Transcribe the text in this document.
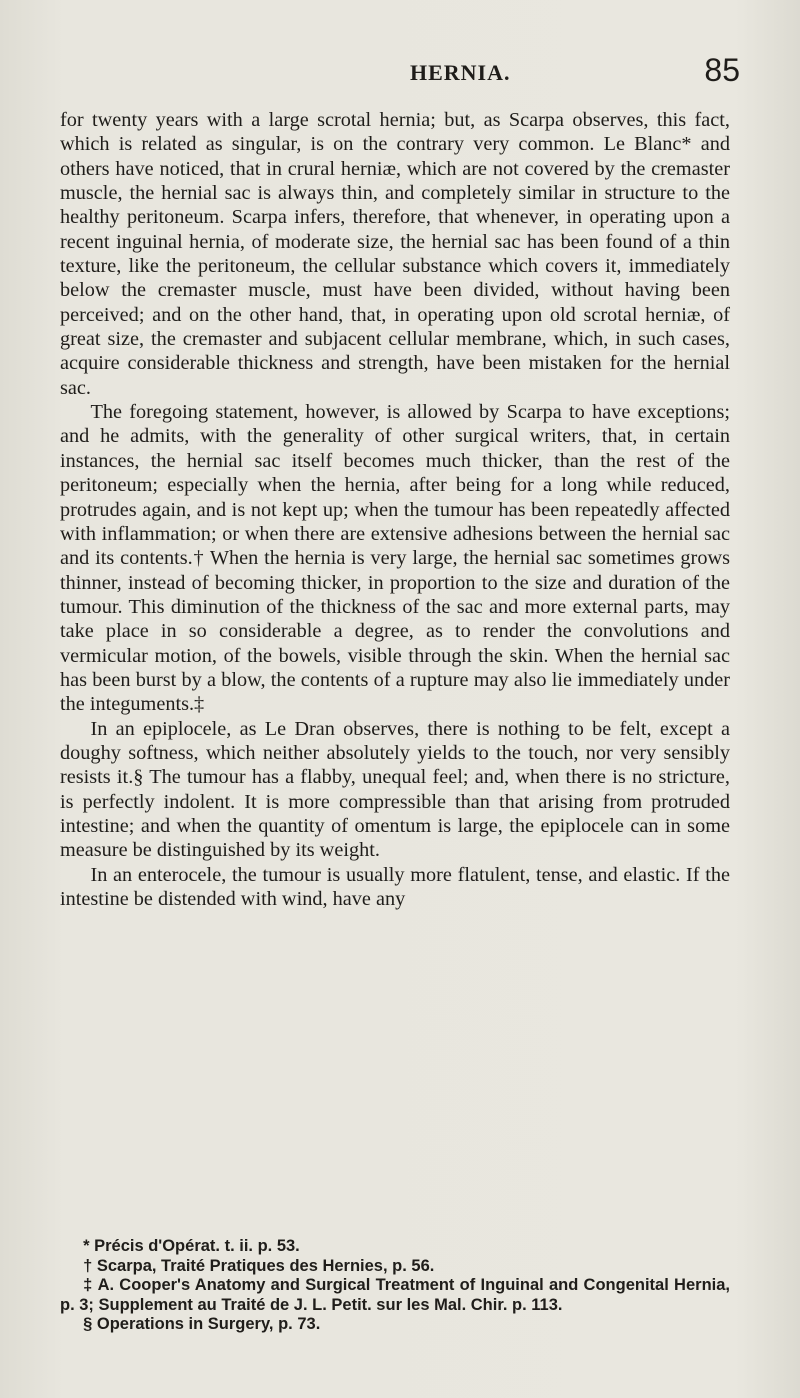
HERNIA.	85

for twenty years with a large scrotal hernia; but, as Scarpa observes, this fact, which is related as singular, is on the contrary very common. Le Blanc* and others have noticed, that in crural herniæ, which are not covered by the cremaster muscle, the hernial sac is always thin, and completely similar in structure to the healthy peritoneum. Scarpa infers, therefore, that whenever, in operating upon a recent inguinal hernia, of moderate size, the hernial sac has been found of a thin texture, like the peritoneum, the cellular substance which covers it, immediately below the cremaster muscle, must have been divided, without having been perceived; and on the other hand, that, in operating upon old scrotal herniæ, of great size, the cremaster and subjacent cellular membrane, which, in such cases, acquire considerable thickness and strength, have been mistaken for the hernial sac.

The foregoing statement, however, is allowed by Scarpa to have exceptions; and he admits, with the generality of other surgical writers, that, in certain instances, the hernial sac itself becomes much thicker, than the rest of the peritoneum; especially when the hernia, after being for a long while reduced, protrudes again, and is not kept up; when the tumour has been repeatedly affected with inflammation; or when there are extensive adhesions between the hernial sac and its contents.† When the hernia is very large, the hernial sac sometimes grows thinner, instead of becoming thicker, in proportion to the size and duration of the tumour. This diminution of the thickness of the sac and more external parts, may take place in so considerable a degree, as to render the convolutions and vermicular motion, of the bowels, visible through the skin. When the hernial sac has been burst by a blow, the contents of a rupture may also lie immediately under the integuments.‡

In an epiplocele, as Le Dran observes, there is nothing to be felt, except a doughy softness, which neither absolutely yields to the touch, nor very sensibly resists it.§ The tumour has a flabby, unequal feel; and, when there is no stricture, is perfectly indolent. It is more compressible than that arising from protruded intestine; and when the quantity of omentum is large, the epiplocele can in some measure be distinguished by its weight.

In an enterocele, the tumour is usually more flatulent, tense, and elastic. If the intestine be distended with wind, have any

* Précis d'Opérat. t. ii. p. 53.

† Scarpa, Traité Pratiques des Hernies, p. 56.

‡ A. Cooper's Anatomy and Surgical Treatment of Inguinal and Congenital Hernia, p. 3; Supplement au Traité de J. L. Petit. sur les Mal. Chir. p. 113.

§ Operations in Surgery, p. 73.
